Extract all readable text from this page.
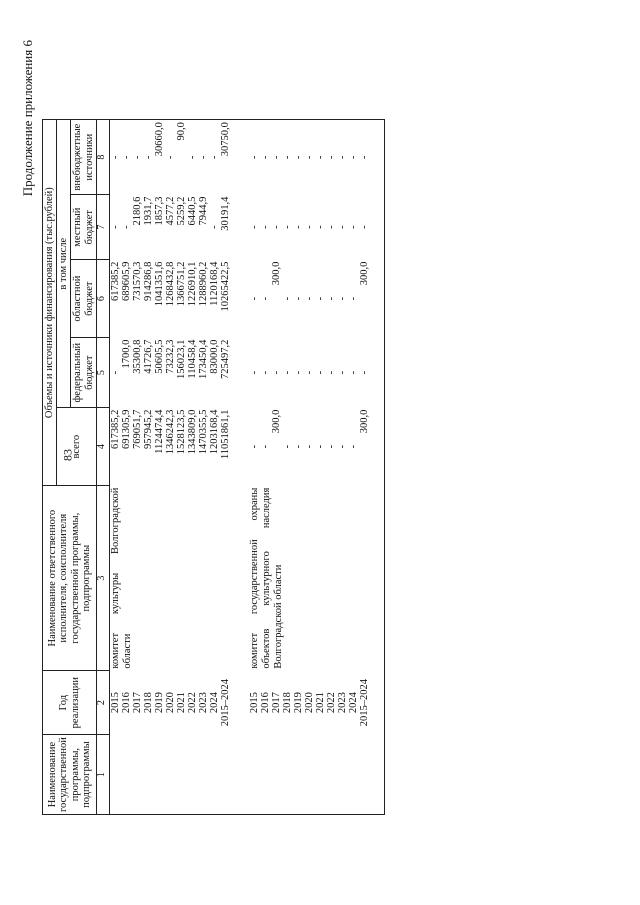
83
Продолжение приложения 6
Наименование государственной программы, подпрограммы	Год реализации	Наименование ответственного исполнителя, соисполнителя государственной программы, подпрограммы	Объемы и источники финансирования (тыс.рублей)				
			всего	в том числе			
				федеральный бюджет	областной бюджет	местный бюджет	внебюджетные источники
1	2	3	4	5	6	7	8
	2015	комитет культуры Волгоградской области	617385,2	-	617385,2	-	-
	2016		691305,9	1700,0	689605,9	-	-
	2017		769051,7	35300,8	731570,3	2180,6	-
	2018		957945,2	41726,7	914286,8	1931,7	-
	2019		1124474,4	50605,5	1041351,6	1857,3	30660,0
	2020		1346242,3	73232,3	1268432,8	4577,2	-
	2021		1528123,5	156023,1	1366751,2	5259,2	90,0
	2022		1343809,0	110458,4	1226910,1	6440,5	-
	2023		1470355,5	173450,4	1288960,2	7944,9	-
	2024		1203168,4	83000,0	1120168,4	-	-
	2015–2024		11051861,1	725497,2	10265422,5	30191,4	30750,0

	2015	комитет государственной охраны объектов культурного наследия Волгоградской области	-	-	-	-	-
	2016		-	-	-	-	-
	2017		300,0	-	300,0	-	-
	2018		-	-	-	-	-
	2019		-	-	-	-	-
	2020		-	-	-	-	-
	2021		-	-	-	-	-
	2022		-	-	-	-	-
	2023		-	-	-	-	-
	2024		-	-	-	-	-
	2015–2024		300,0	-	300,0	-	-
